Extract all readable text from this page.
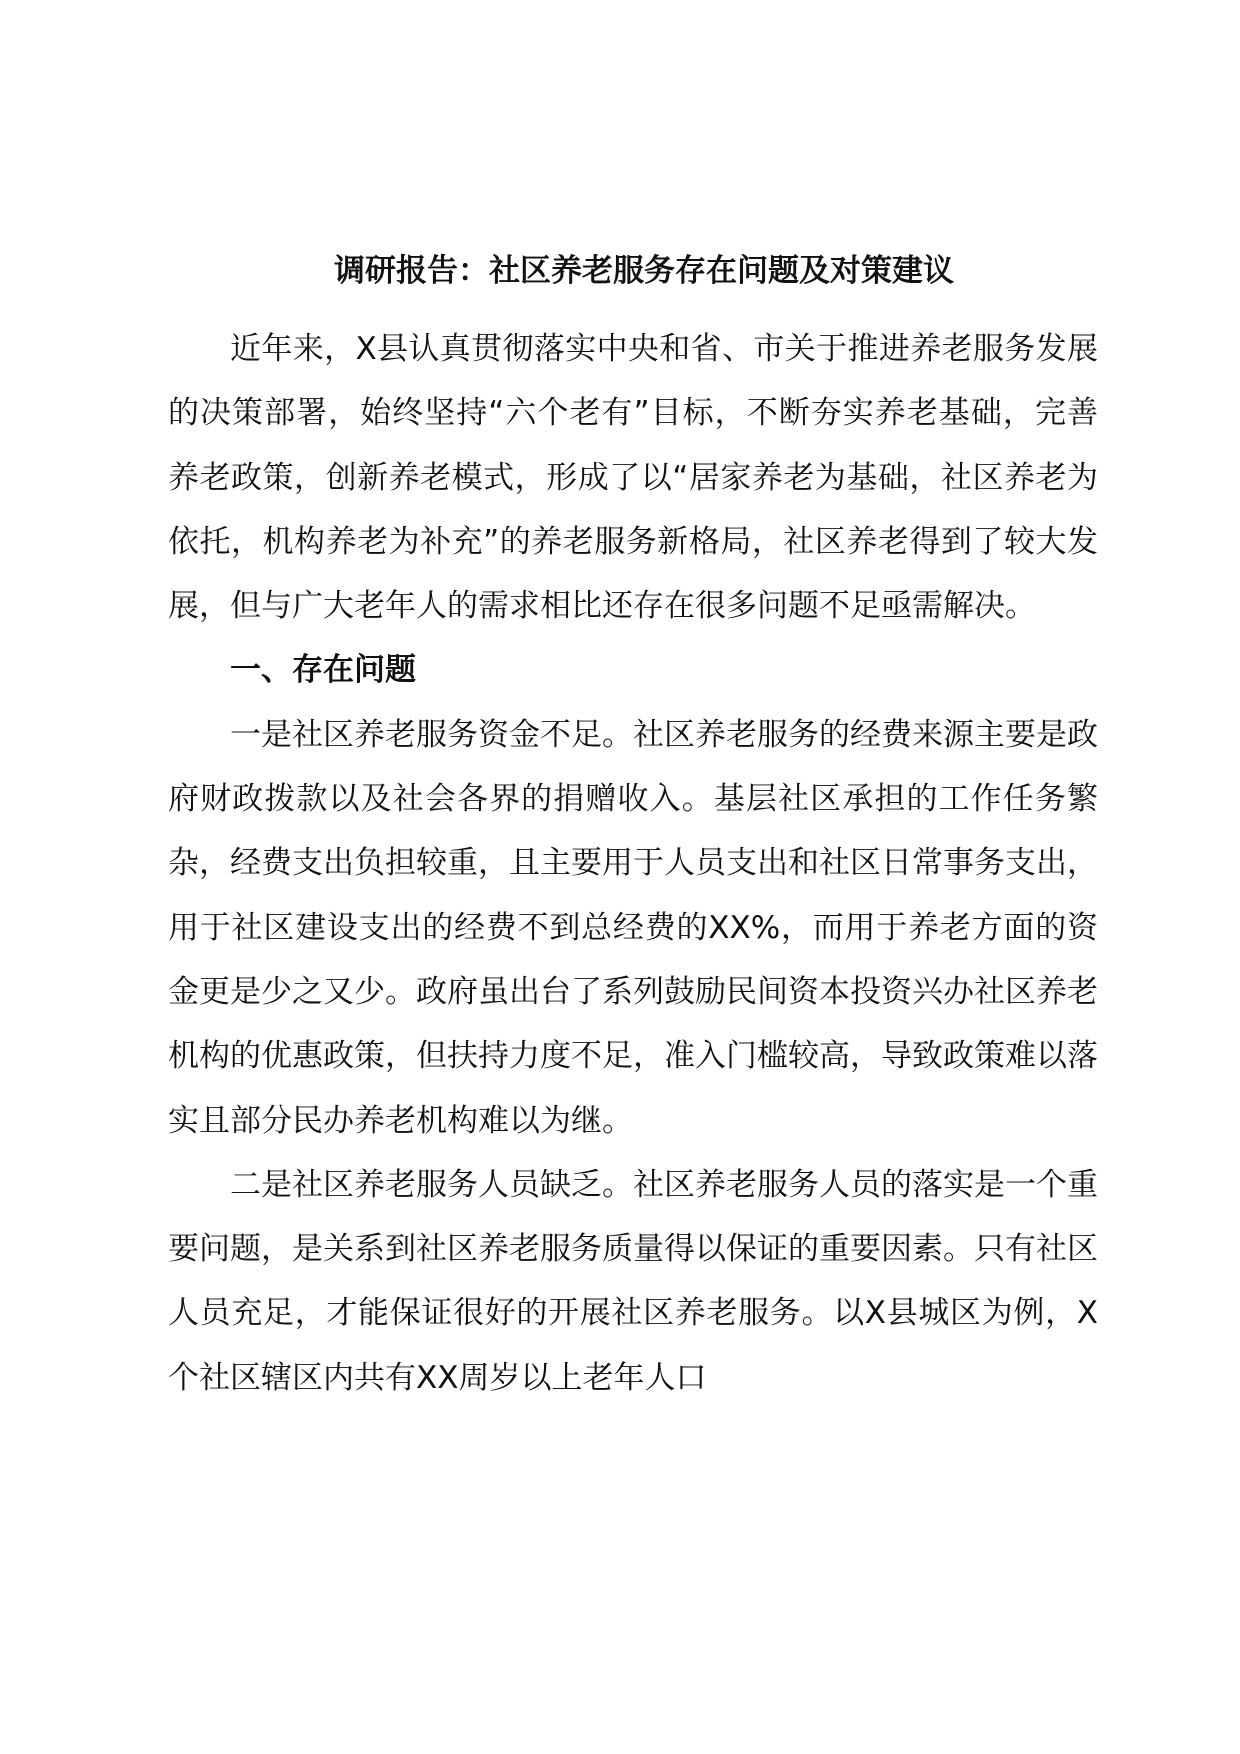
调研报告：社区养老服务存在问题及对策建议

近年来，X县认真贯彻落实中央和省、市关于推进养老服务发展的决策部署，始终坚持“六个老有”目标，不断夯实养老基础，完善养老政策，创新养老模式，形成了以“居家养老为基础，社区养老为依托，机构养老为补充”的养老服务新格局，社区养老得到了较大发展，但与广大老年人的需求相比还存在很多问题不足亟需解决。

一、存在问题

一是社区养老服务资金不足。社区养老服务的经费来源主要是政府财政拨款以及社会各界的捐赠收入。基层社区承担的工作任务繁杂，经费支出负担较重，且主要用于人员支出和社区日常事务支出，用于社区建设支出的经费不到总经费的XX%，而用于养老方面的资金更是少之又少。政府虽出台了系列鼓励民间资本投资兴办社区养老机构的优惠政策，但扶持力度不足，准入门槛较高，导致政策难以落实且部分民办养老机构难以为继。

二是社区养老服务人员缺乏。社区养老服务人员的落实是一个重要问题，是关系到社区养老服务质量得以保证的重要因素。只有社区人员充足，才能保证很好的开展社区养老服务。以X县城区为例，X个社区辖区内共有XX周岁以上老年人口
